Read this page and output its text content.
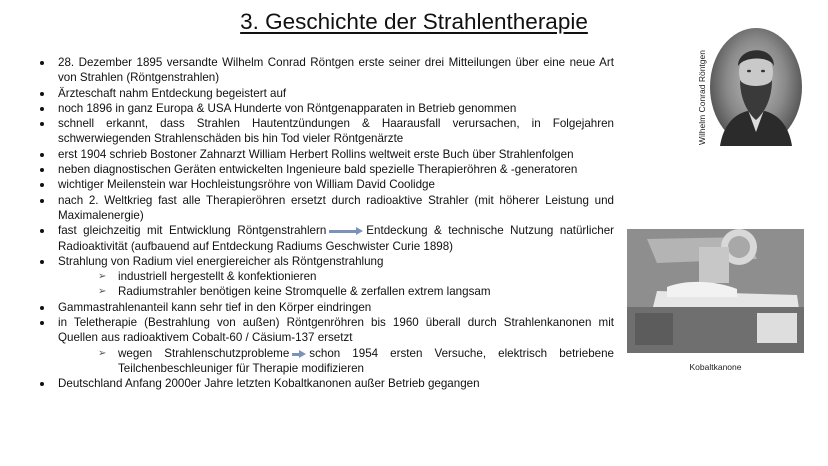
3. Geschichte der Strahlentherapie
28. Dezember 1895 versandte Wilhelm Conrad Röntgen erste seiner drei Mitteilungen über eine neue Art von Strahlen (Röntgenstrahlen)
Ärzteschaft nahm Entdeckung begeistert auf
noch 1896 in ganz Europa & USA Hunderte von Röntgenapparaten in Betrieb genommen
schnell erkannt, dass Strahlen Hautentzündungen & Haarausfall verursachen, in Folgejahren schwerwiegenden Strahlenschäden bis hin Tod vieler Röntgenärzte
erst 1904 schrieb Bostoner Zahnarzt William Herbert Rollins weltweit erste Buch über Strahlenfolgen
neben diagnostischen Geräten entwickelten Ingenieure bald spezielle Therapieröhren & -generatoren
wichtiger Meilenstein war Hochleistungsröhre von William David Coolidge
nach 2. Weltkrieg fast alle Therapieröhren ersetzt durch radioaktive Strahler (mit höherer Leistung und Maximalenergie)
fast gleichzeitig mit Entwicklung Röntgenstrahlern	Entdeckung & technische Nutzung natürlicher Radioaktivität (aufbauend auf Entdeckung Radiums Geschwister Curie 1898)
Strahlung von Radium viel energiereicher als Röntgenstrahlung
➢ industriell hergestellt & konfektionieren
➢ Radiumstrahler benötigen keine Stromquelle & zerfallen extrem langsam
Gammastrahlenanteil kann sehr tief in den Körper eindringen
in Teletherapie (Bestrahlung von außen) Röntgenröhren bis 1960 überall durch Strahlenkanonen mit Quellen aus radioaktivem Cobalt-60 / Cäsium-137 ersetzt
➢ wegen Strahlenschutzprobleme schon 1954 ersten Versuche, elektrisch betriebene Teilchenbeschleuniger für Therapie modifizieren
Deutschland Anfang 2000er Jahre letzten Kobaltkanonen außer Betrieb gegangen
Wilhelm Conrad Röntgen
Kobaltkanone
